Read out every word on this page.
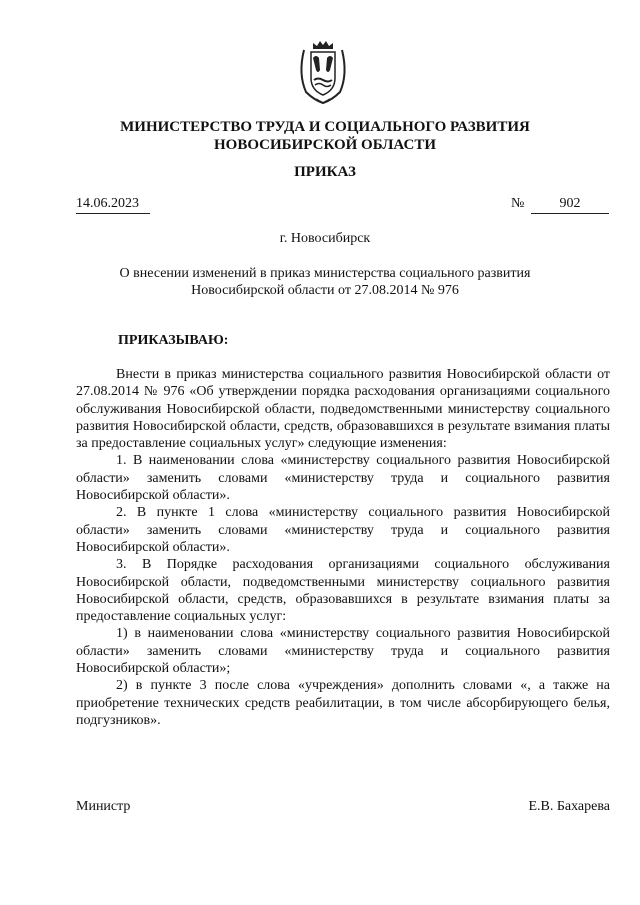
МИНИСТЕРСТВО ТРУДА И СОЦИАЛЬНОГО РАЗВИТИЯ
НОВОСИБИРСКОЙ ОБЛАСТИ
ПРИКАЗ
14.06.2023	№	902
г. Новосибирск
О внесении изменений в приказ министерства социального развития
Новосибирской области от 27.08.2014 № 976
ПРИКАЗЫВАЮ:

Внести в приказ министерства социального развития Новосибирской области от 27.08.2014 № 976 «Об утверждении порядка расходования организациями социального обслуживания Новосибирской области, подведомственными министерству социального развития Новосибирской области, средств, образовавшихся в результате взимания платы за предоставление социальных услуг» следующие изменения:

1. В наименовании слова «министерству социального развития Новосибирской области» заменить словами «министерству труда и социального развития Новосибирской области».

2. В пункте 1 слова «министерству социального развития Новосибирской области» заменить словами «министерству труда и социального развития Новосибирской области».

3. В Порядке расходования организациями социального обслуживания Новосибирской области, подведомственными министерству социального развития Новосибирской области, средств, образовавшихся в результате взимания платы за предоставление социальных услуг:

1) в наименовании слова «министерству социального развития Новосибирской области» заменить словами «министерству труда и социального развития Новосибирской области»;

2) в пункте 3 после слова «учреждения» дополнить словами «, а также на приобретение технических средств реабилитации, в том числе абсорбирующего белья, подгузников».

Министр	Е.В. Бахарева
